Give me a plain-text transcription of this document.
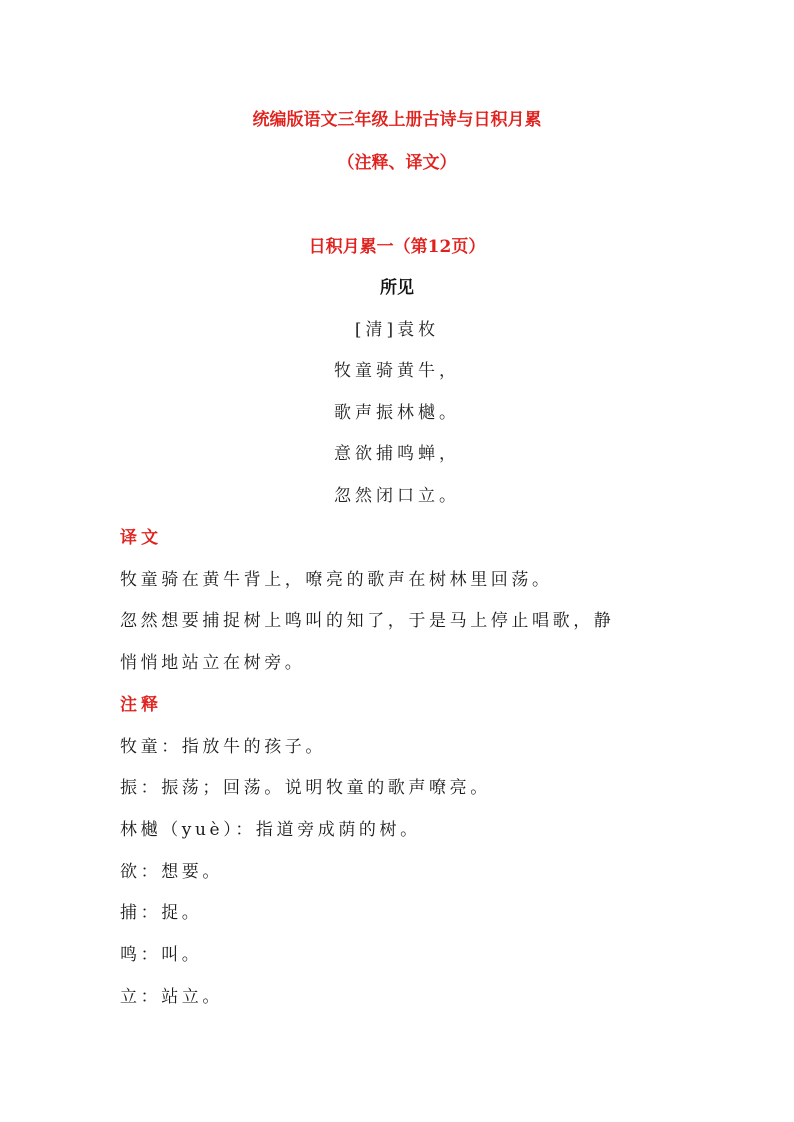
统编版语文三年级上册古诗与日积月累
（注释、译文）
日积月累一（第12页）
所见
[清]袁枚
牧童骑黄牛，
歌声振林樾。
意欲捕鸣蝉，
忽然闭口立。
译文
牧童骑在黄牛背上，嘹亮的歌声在树林里回荡。
忽然想要捕捉树上鸣叫的知了，于是马上停止唱歌，静
悄悄地站立在树旁。
注释
牧童：指放牛的孩子。
振：振荡；回荡。说明牧童的歌声嘹亮。
林樾（yuè）：指道旁成荫的树。
欲：想要。
捕：捉。
鸣：叫。
立：站立。
